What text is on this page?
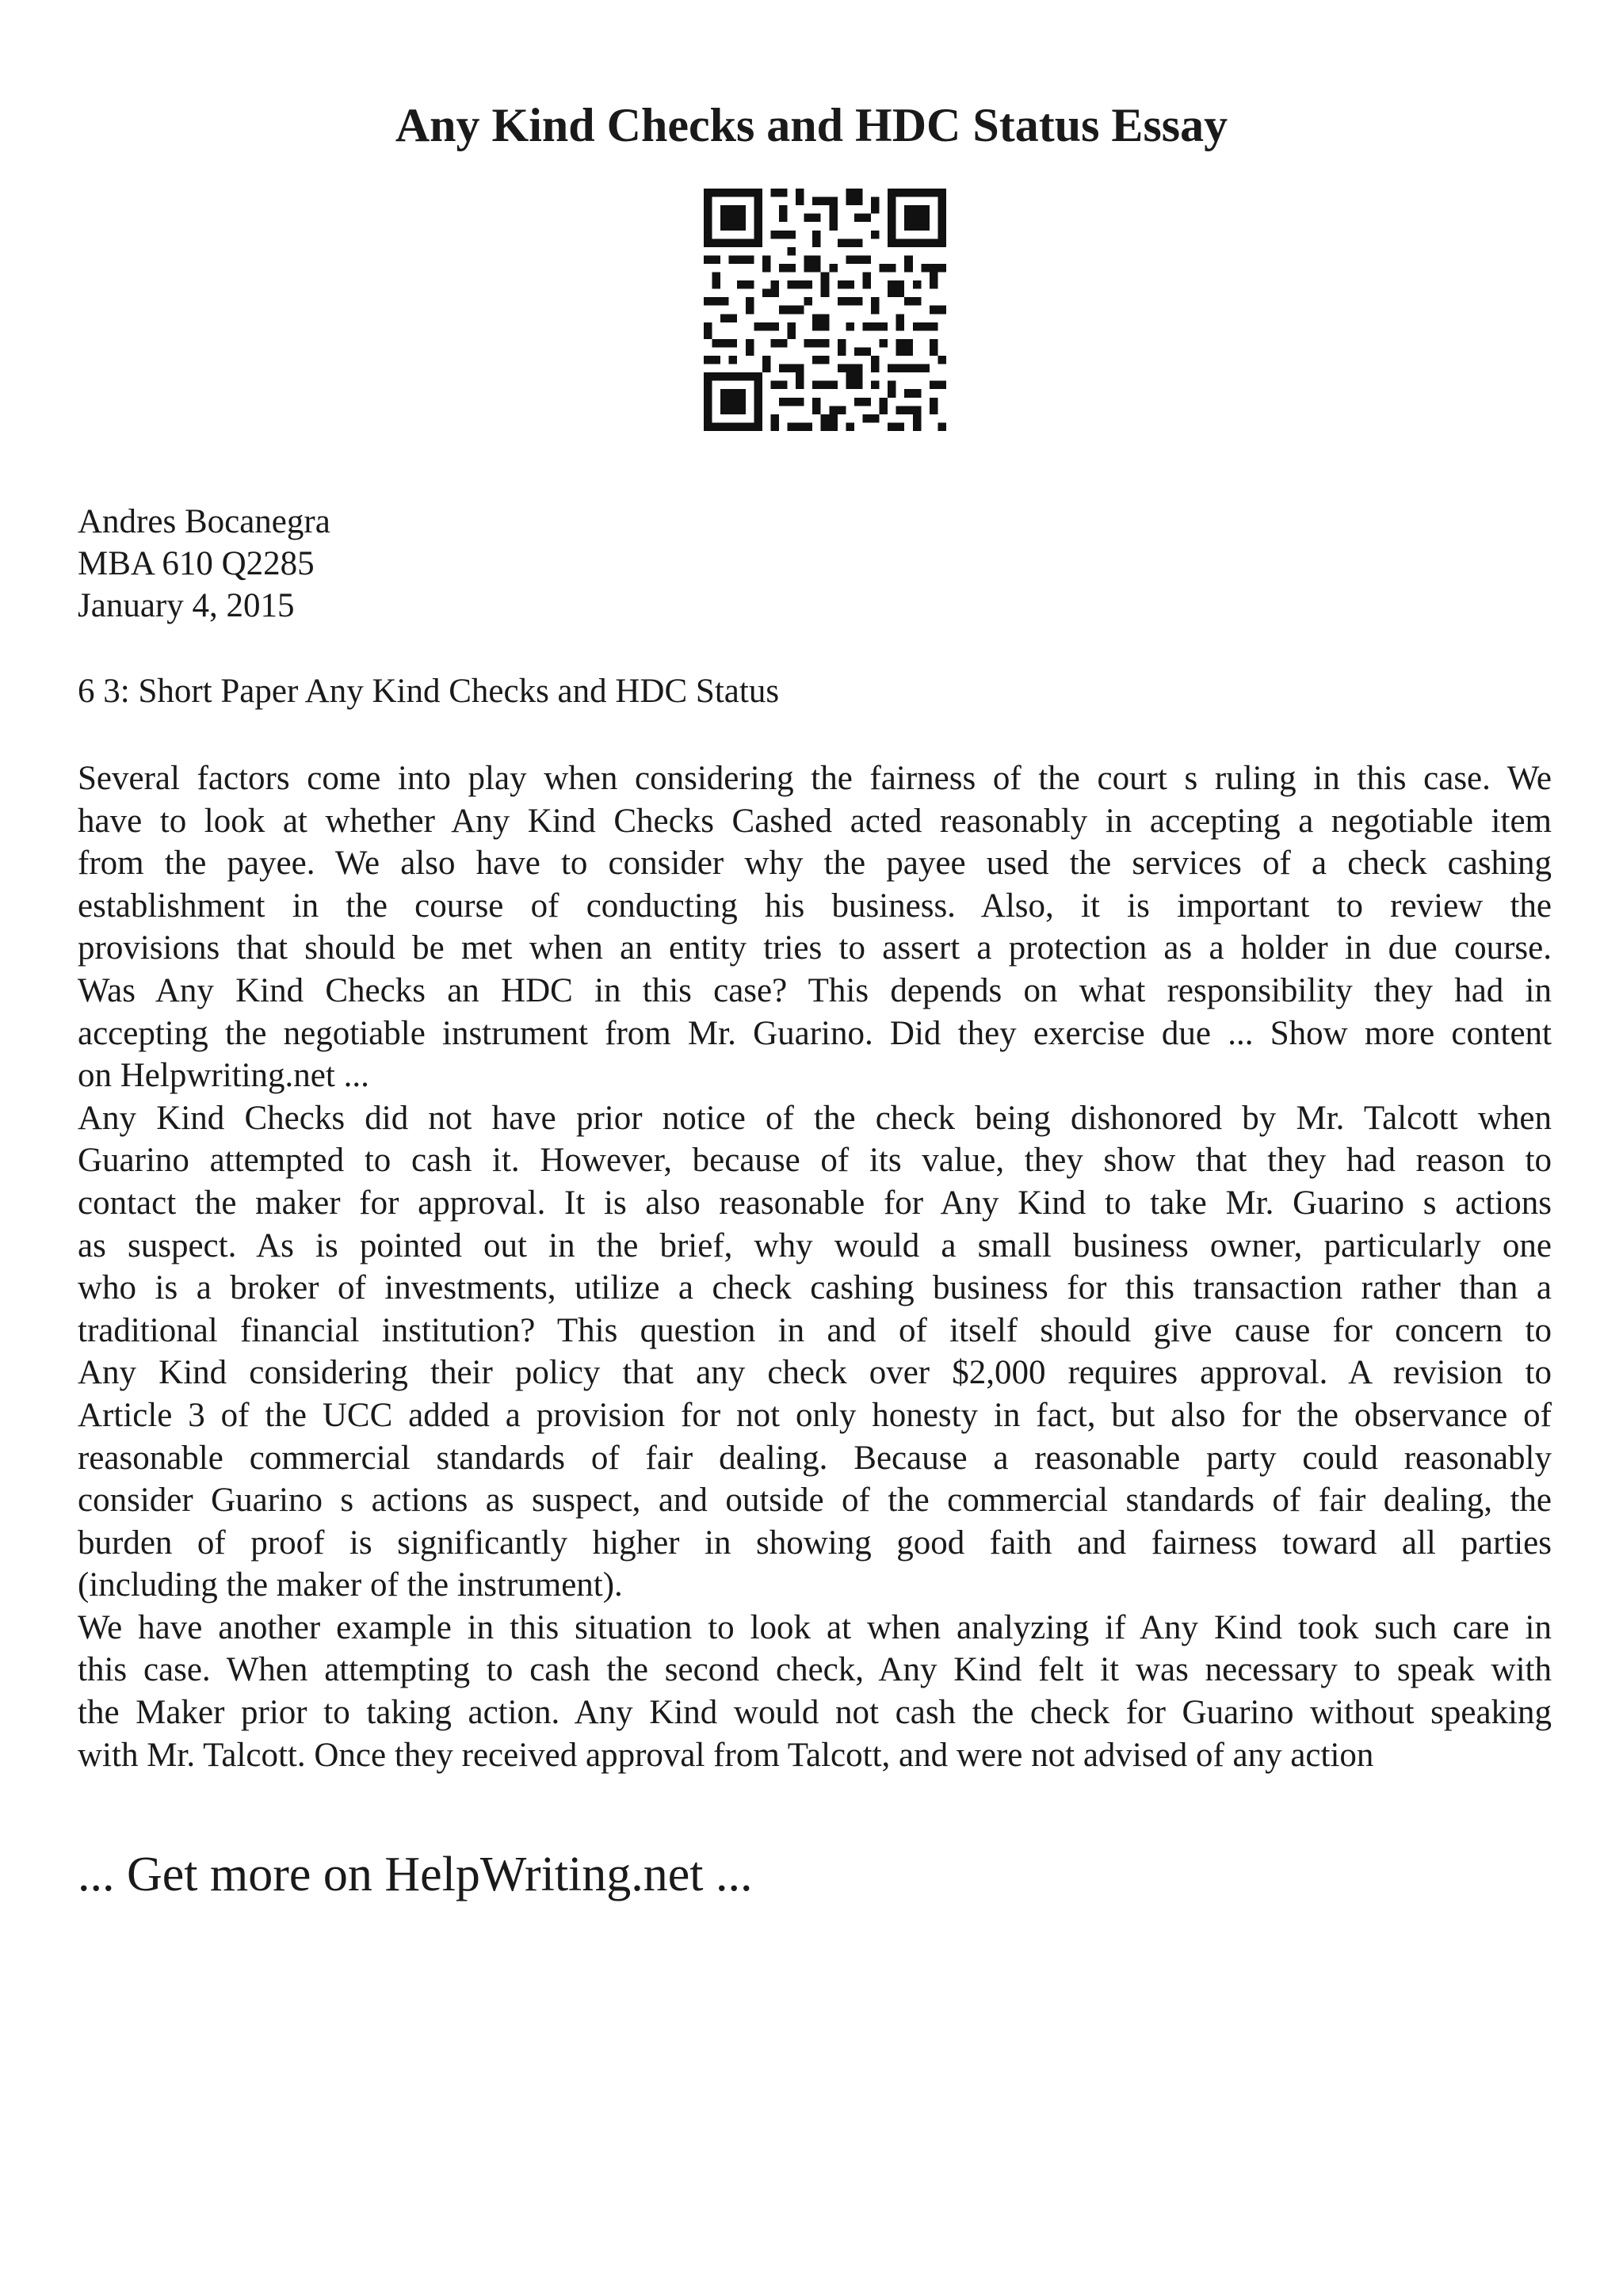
Any Kind Checks and HDC Status Essay
Andres Bocanegra
MBA 610 Q2285
January 4, 2015
6 3: Short Paper Any Kind Checks and HDC Status
Several factors come into play when considering the fairness of the court s ruling in this case. We
have to look at whether Any Kind Checks Cashed acted reasonably in accepting a negotiable item
from the payee. We also have to consider why the payee used the services of a check cashing
establishment in the course of conducting his business. Also, it is important to review the
provisions that should be met when an entity tries to assert a protection as a holder in due course.
Was Any Kind Checks an HDC in this case? This depends on what responsibility they had in
accepting the negotiable instrument from Mr. Guarino. Did they exercise due ... Show more content
on Helpwriting.net ...
Any Kind Checks did not have prior notice of the check being dishonored by Mr. Talcott when
Guarino attempted to cash it. However, because of its value, they show that they had reason to
contact the maker for approval. It is also reasonable for Any Kind to take Mr. Guarino s actions
as suspect. As is pointed out in the brief, why would a small business owner, particularly one
who is a broker of investments, utilize a check cashing business for this transaction rather than a
traditional financial institution? This question in and of itself should give cause for concern to
Any Kind considering their policy that any check over $2,000 requires approval. A revision to
Article 3 of the UCC added a provision for not only honesty in fact, but also for the observance of
reasonable commercial standards of fair dealing. Because a reasonable party could reasonably
consider Guarino s actions as suspect, and outside of the commercial standards of fair dealing, the
burden of proof is significantly higher in showing good faith and fairness toward all parties
(including the maker of the instrument).
We have another example in this situation to look at when analyzing if Any Kind took such care in
this case. When attempting to cash the second check, Any Kind felt it was necessary to speak with
the Maker prior to taking action. Any Kind would not cash the check for Guarino without speaking
with Mr. Talcott. Once they received approval from Talcott, and were not advised of any action
... Get more on HelpWriting.net ...
